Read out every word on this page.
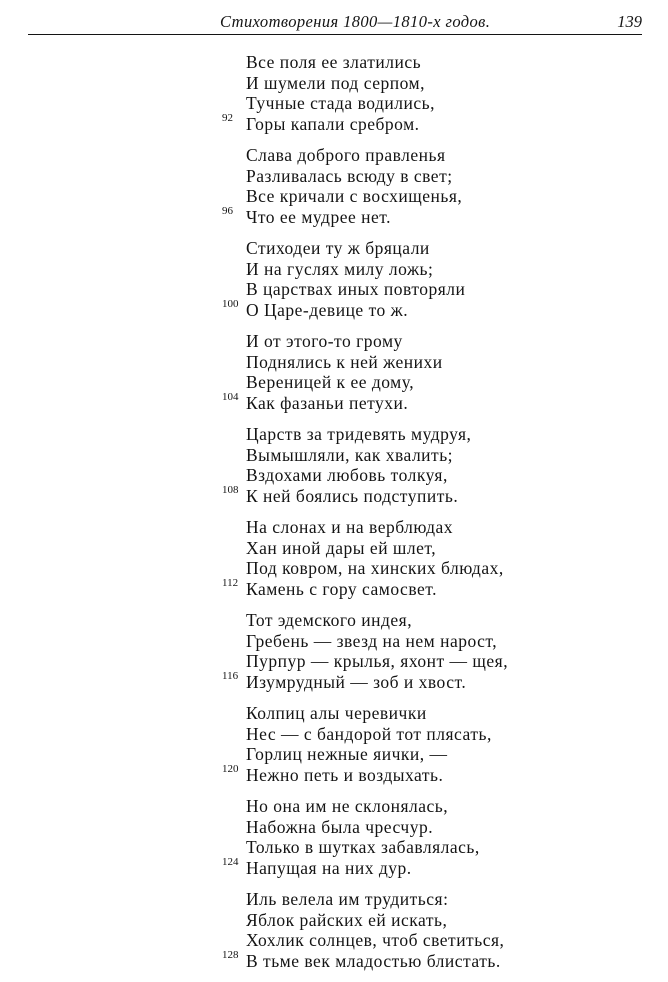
Стихотворения 1800—1810-х годов.	139
Все поля ее златились
И шумели под серпом,
Тучные стада водились,
92 Горы капали сребром.
Слава доброго правленья
Разливалась всюду в свет;
Все кричали с восхищенья,
96 Что ее мудрее нет.
Стиходеи ту ж бряцали
И на гуслях милу ложь;
В царствах иных повторяли
100 О Царе-девице то ж.
И от этого-то грому
Поднялись к ней женихи
Вереницей к ее дому,
104 Как фазаньи петухи.
Царств за тридевять мудруя,
Вымышляли, как хвалить;
Вздохами любовь толкуя,
108 К ней боялись подступить.
На слонах и на верблюдах
Хан иной дары ей шлет,
Под ковром, на хинских блюдах,
112 Камень с гору самосвет.
Тот эдемского индея,
Гребень — звезд на нем нарост,
Пурпур — крылья, яхонт — щея,
116 Изумрудный — зоб и хвост.
Колпиц алы черевички
Нес — с бандорой тот плясать,
Горлиц нежные яички, —
120 Нежно петь и воздыхать.
Но она им не склонялась,
Набожна была чресчур.
Только в шутках забавлялась,
124 Напущая на них дур.
Иль велела им трудиться:
Яблок райских ей искать,
Хохлик солнцев, чтоб светиться,
128 В тьме век младостью блистать.
